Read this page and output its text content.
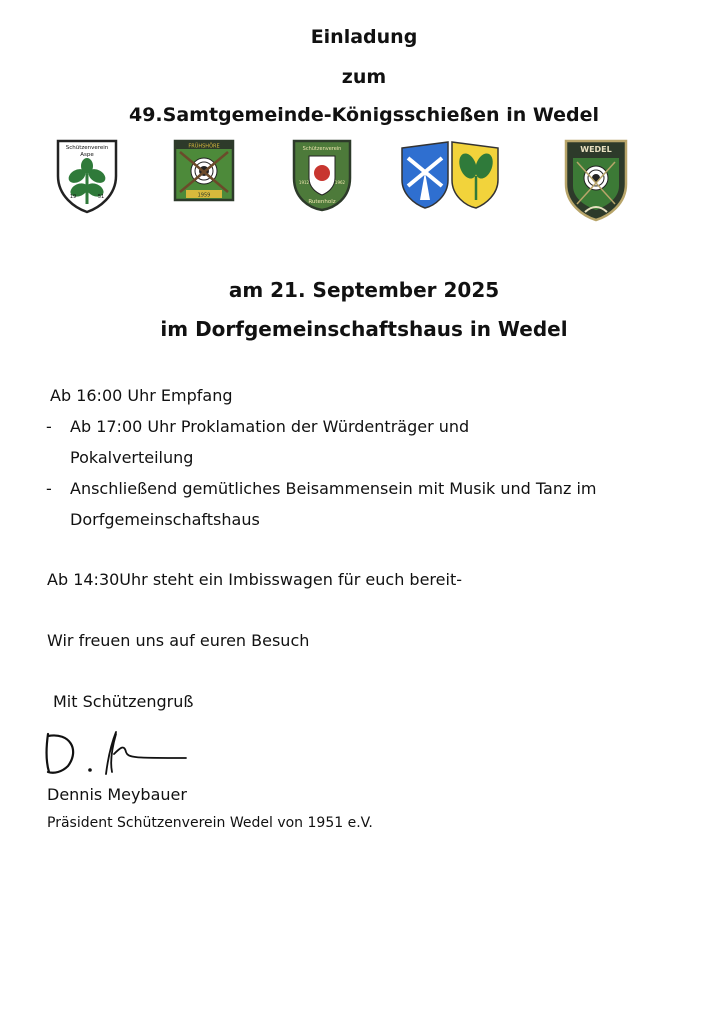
Einladung
zum
49.Samtgemeinde-Königsschießen in Wedel
Schützenverein
Aspe
19	51
FRÜHSHÖRE
1959
Schützenverein
1912	1962
Rutenholz
WEDEL
am 21. September 2025
im Dorfgemeinschaftshaus in Wedel
Ab 16:00 Uhr Empfang
- Ab 17:00 Uhr Proklamation der Würdenträger und
Pokalverteilung
- Anschließend gemütliches Beisammensein mit Musik und Tanz im
Dorfgemeinschaftshaus
Ab 14:30Uhr steht ein Imbisswagen für euch bereit-
Wir freuen uns auf euren Besuch
Mit Schützengruß
Dennis Meybauer
Präsident Schützenverein Wedel von 1951 e.V.
